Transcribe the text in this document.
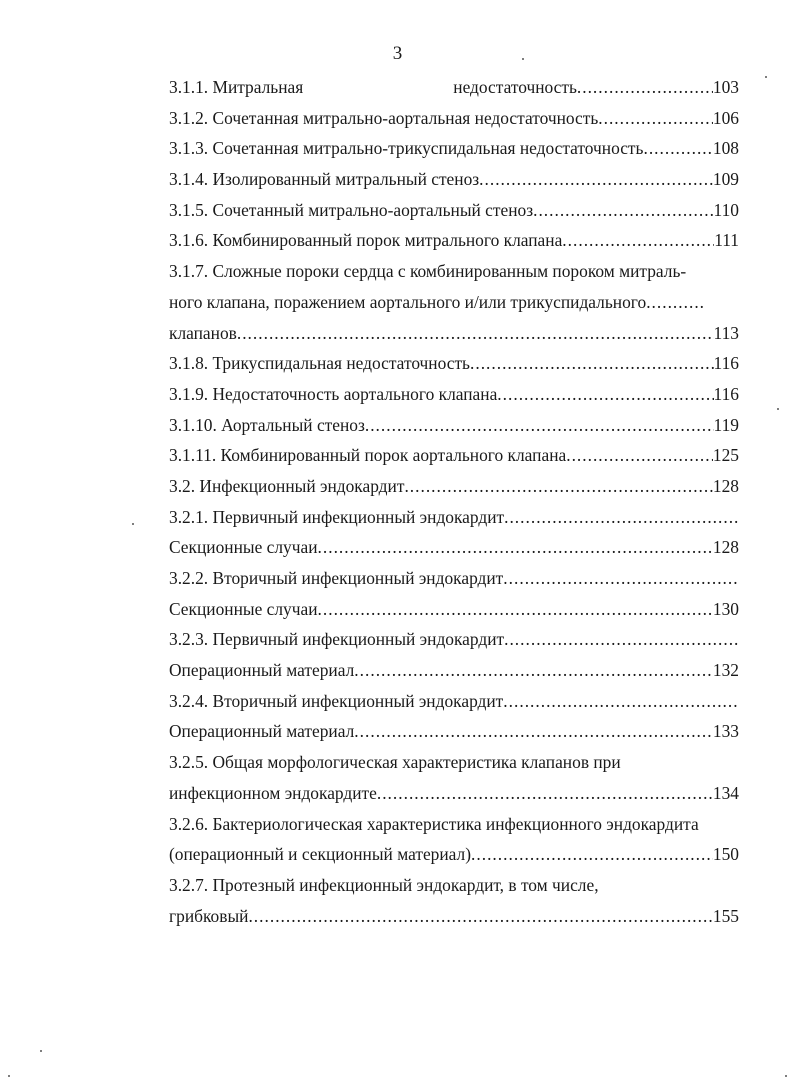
3
3.1.1. Митральная	недостаточность .....	103
3.1.2. Сочетанная митрально-аортальная недостаточность .....	106
3.1.3. Сочетанная митрально-трикуспидальная недостаточность .....	108
3.1.4. Изолированный митральный стеноз .....	109
3.1.5. Сочетанный митрально-аортальный стеноз .....	110
3.1.6. Комбинированный порок митрального клапана .....	111
3.1.7. Сложные пороки сердца с комбинированным пороком митраль-
ного клапана, поражением аортального и/или трикуспидального
.....
клапанов .....	113
3.1.8. Трикуспидальная недостаточность .....	116
3.1.9. Недостаточность аортального клапана .....	116
3.1.10. Аортальный стеноз .....	119
3.1.11. Комбинированный порок аортального клапана .....	125
3.2. Инфекционный эндокардит .....	128
3.2.1. Первичный инфекционный эндокардит
.....
Секционные случаи .....	128
3.2.2. Вторичный инфекционный эндокардит
.....
Секционные случаи .....	130
3.2.3. Первичный инфекционный эндокардит
.....
Операционный материал .....	132
3.2.4. Вторичный инфекционный эндокардит
.....
Операционный материал .....	133
3.2.5. Общая морфологическая характеристика клапанов при
инфекционном эндокардите .....	134
3.2.6. Бактериологическая характеристика инфекционного эндокардита
(операционный и секционный материал) .....	150
3.2.7. Протезный инфекционный эндокардит, в том числе,
грибковый .....	155
